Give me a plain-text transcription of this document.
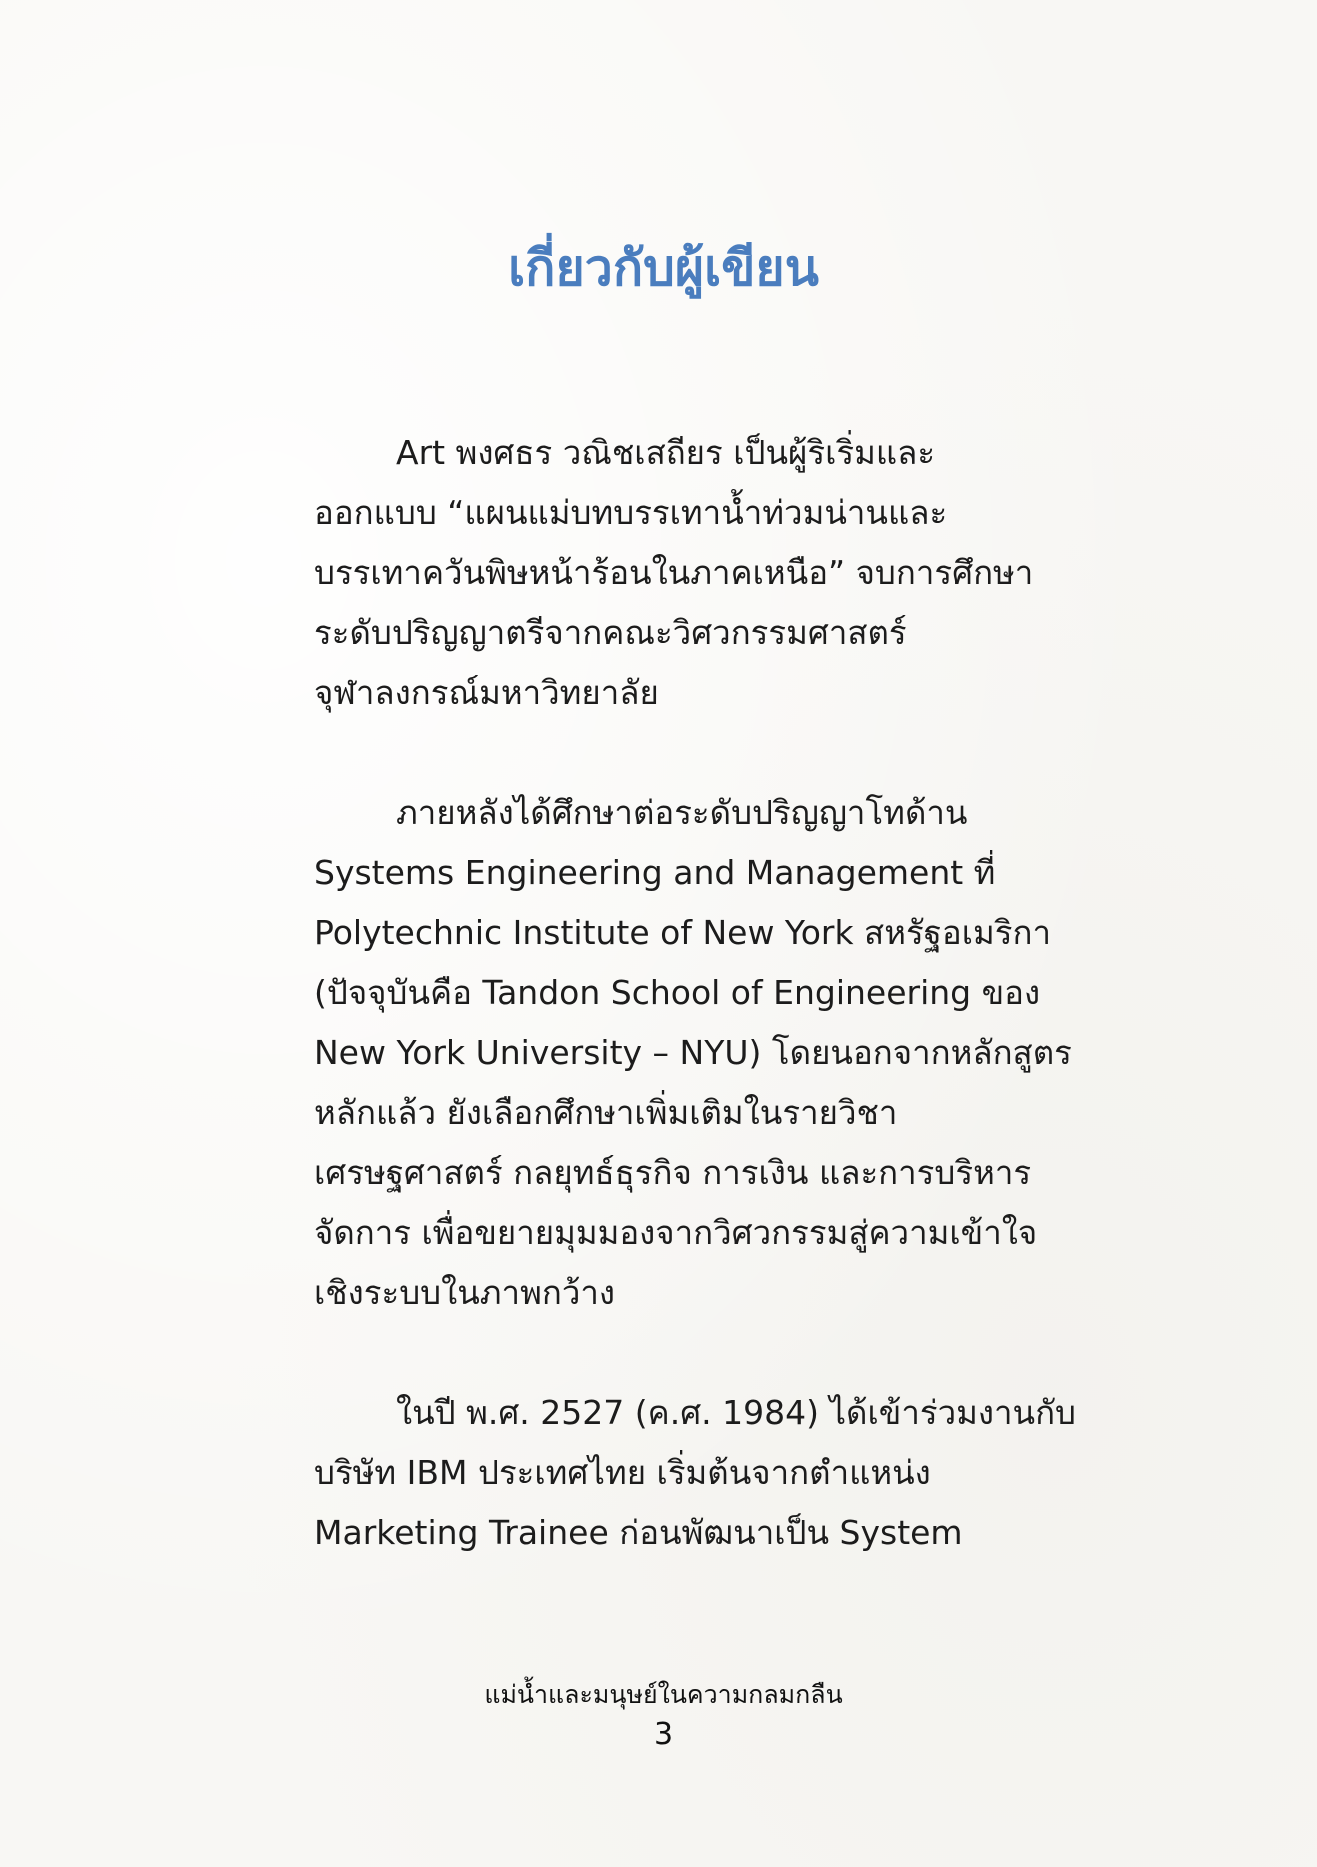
เกี่ยวกับผู้เขียน

Art พงศธร วณิชเสถียร เป็นผู้ริเริ่มและ
ออกแบบ “แผนแม่บทบรรเทาน้ำท่วมน่านและ
บรรเทาควันพิษหน้าร้อนในภาคเหนือ” จบการศึกษา
ระดับปริญญาตรีจากคณะวิศวกรรมศาสตร์
จุฬาลงกรณ์มหาวิทยาลัย

ภายหลังได้ศึกษาต่อระดับปริญญาโทด้าน
Systems Engineering and Management ที่
Polytechnic Institute of New York สหรัฐอเมริกา
(ปัจจุบันคือ Tandon School of Engineering ของ
New York University – NYU) โดยนอกจากหลักสูตร
หลักแล้ว ยังเลือกศึกษาเพิ่มเติมในรายวิชา
เศรษฐศาสตร์ กลยุทธ์ธุรกิจ การเงิน และการบริหาร
จัดการ เพื่อขยายมุมมองจากวิศวกรรมสู่ความเข้าใจ
เชิงระบบในภาพกว้าง

ในปี พ.ศ. 2527 (ค.ศ. 1984) ได้เข้าร่วมงานกับ
บริษัท IBM ประเทศไทย เริ่มต้นจากตำแหน่ง
Marketing Trainee ก่อนพัฒนาเป็น System

แม่น้ำและมนุษย์ในความกลมกลืน
3
